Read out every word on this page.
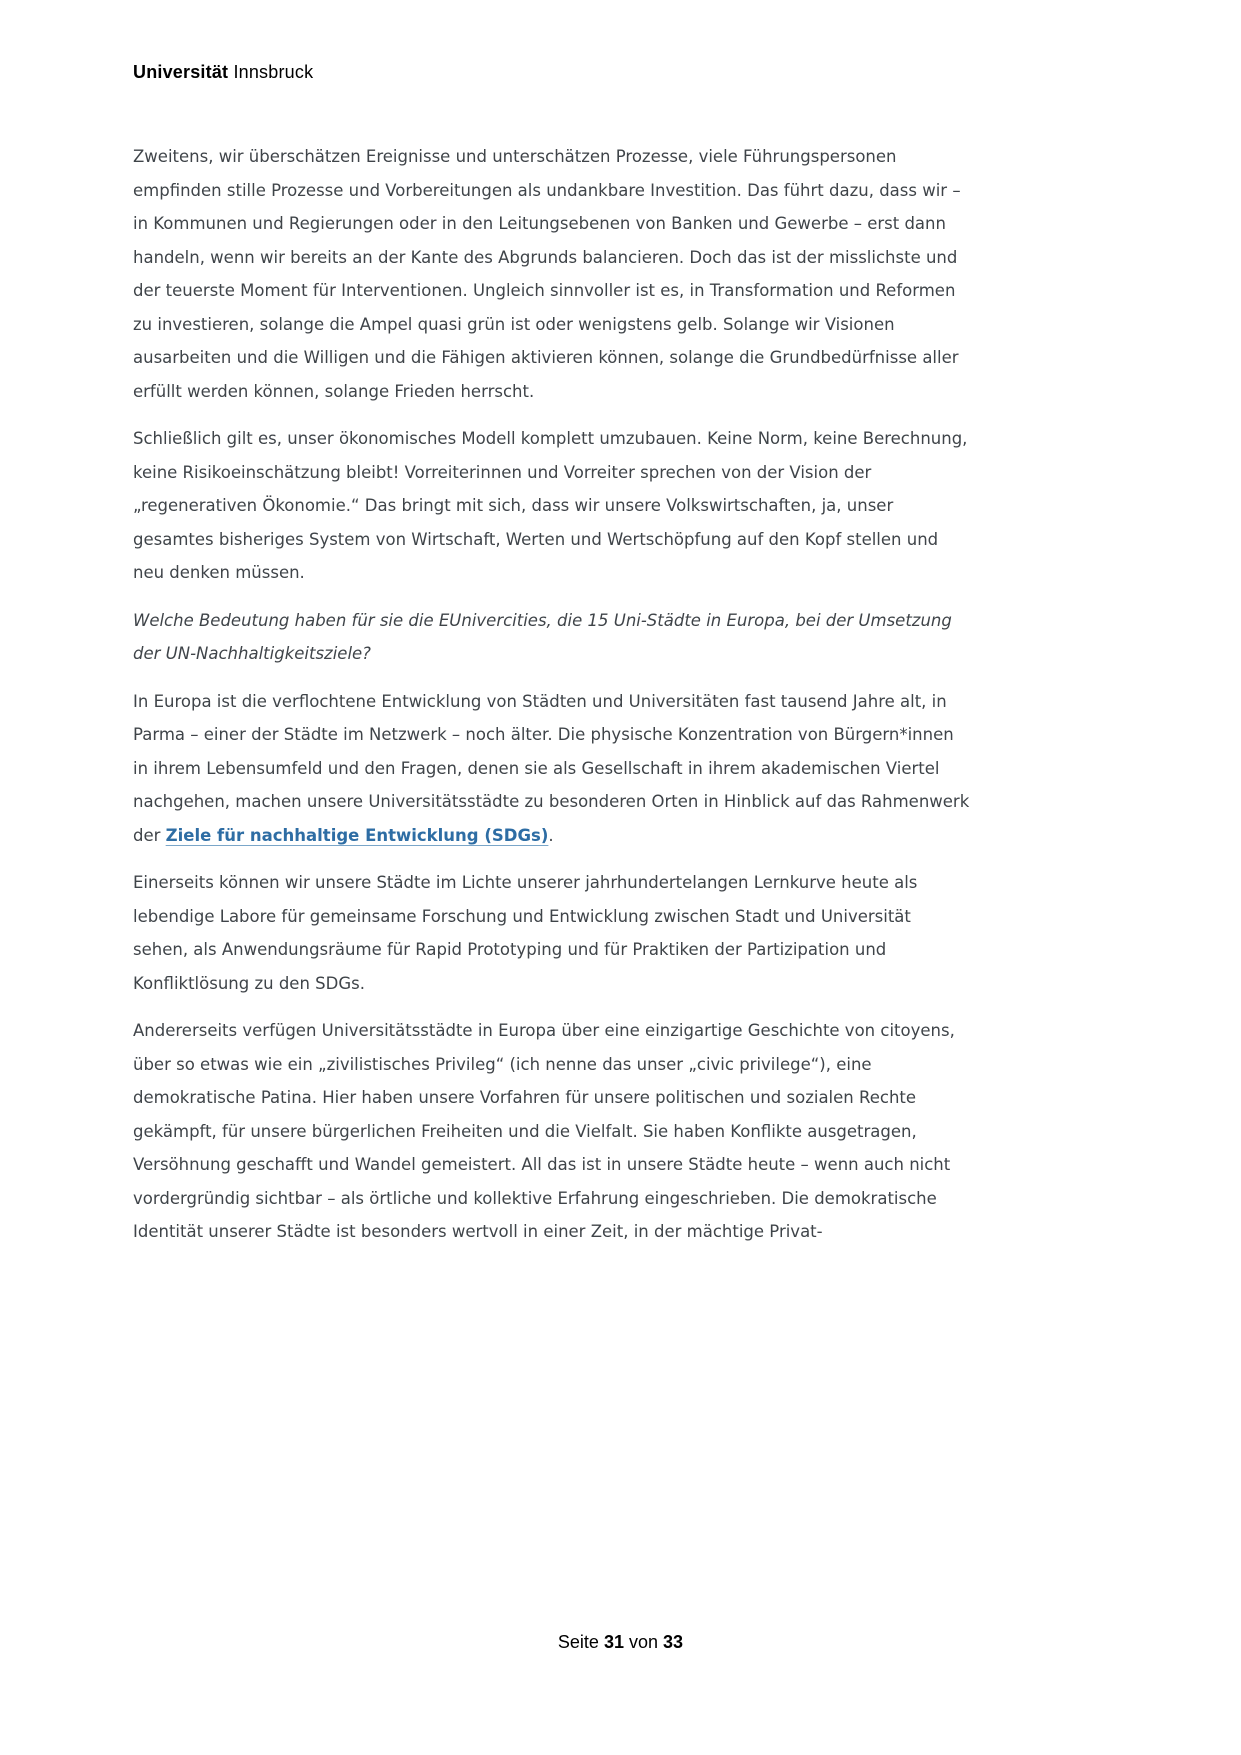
Universität Innsbruck

Zweitens, wir überschätzen Ereignisse und unterschätzen Prozesse, viele Führungspersonen empfinden stille Prozesse und Vorbereitungen als undankbare Investition. Das führt dazu, dass wir – in Kommunen und Regierungen oder in den Leitungsebenen von Banken und Gewerbe – erst dann handeln, wenn wir bereits an der Kante des Abgrunds balancieren. Doch das ist der misslichste und der teuerste Moment für Interventionen. Ungleich sinnvoller ist es, in Transformation und Reformen zu investieren, solange die Ampel quasi grün ist oder wenigstens gelb. Solange wir Visionen ausarbeiten und die Willigen und die Fähigen aktivieren können, solange die Grundbedürfnisse aller erfüllt werden können, solange Frieden herrscht.

Schließlich gilt es, unser ökonomisches Modell komplett umzubauen. Keine Norm, keine Berechnung, keine Risikoeinschätzung bleibt! Vorreiterinnen und Vorreiter sprechen von der Vision der „regenerativen Ökonomie.“ Das bringt mit sich, dass wir unsere Volkswirtschaften, ja, unser gesamtes bisheriges System von Wirtschaft, Werten und Wertschöpfung auf den Kopf stellen und neu denken müssen.

Welche Bedeutung haben für sie die EUnivercities, die 15 Uni-Städte in Europa, bei der Umsetzung der UN-Nachhaltigkeitsziele?

In Europa ist die verflochtene Entwicklung von Städten und Universitäten fast tausend Jahre alt, in Parma – einer der Städte im Netzwerk – noch älter. Die physische Konzentration von Bürgern*innen in ihrem Lebensumfeld und den Fragen, denen sie als Gesellschaft in ihrem akademischen Viertel nachgehen, machen unsere Universitätsstädte zu besonderen Orten in Hinblick auf das Rahmenwerk der Ziele für nachhaltige Entwicklung (SDGs).

Einerseits können wir unsere Städte im Lichte unserer jahrhundertelangen Lernkurve heute als lebendige Labore für gemeinsame Forschung und Entwicklung zwischen Stadt und Universität sehen, als Anwendungsräume für Rapid Prototyping und für Praktiken der Partizipation und Konfliktlösung zu den SDGs.

Andererseits verfügen Universitätsstädte in Europa über eine einzigartige Geschichte von citoyens, über so etwas wie ein „zivilistisches Privileg“ (ich nenne das unser „civic privilege“), eine demokratische Patina. Hier haben unsere Vorfahren für unsere politischen und sozialen Rechte gekämpft, für unsere bürgerlichen Freiheiten und die Vielfalt. Sie haben Konflikte ausgetragen, Versöhnung geschafft und Wandel gemeistert. All das ist in unsere Städte heute – wenn auch nicht vordergründig sichtbar – als örtliche und kollektive Erfahrung eingeschrieben. Die demokratische Identität unserer Städte ist besonders wertvoll in einer Zeit, in der mächtige Privat-

Seite 31 von 33
